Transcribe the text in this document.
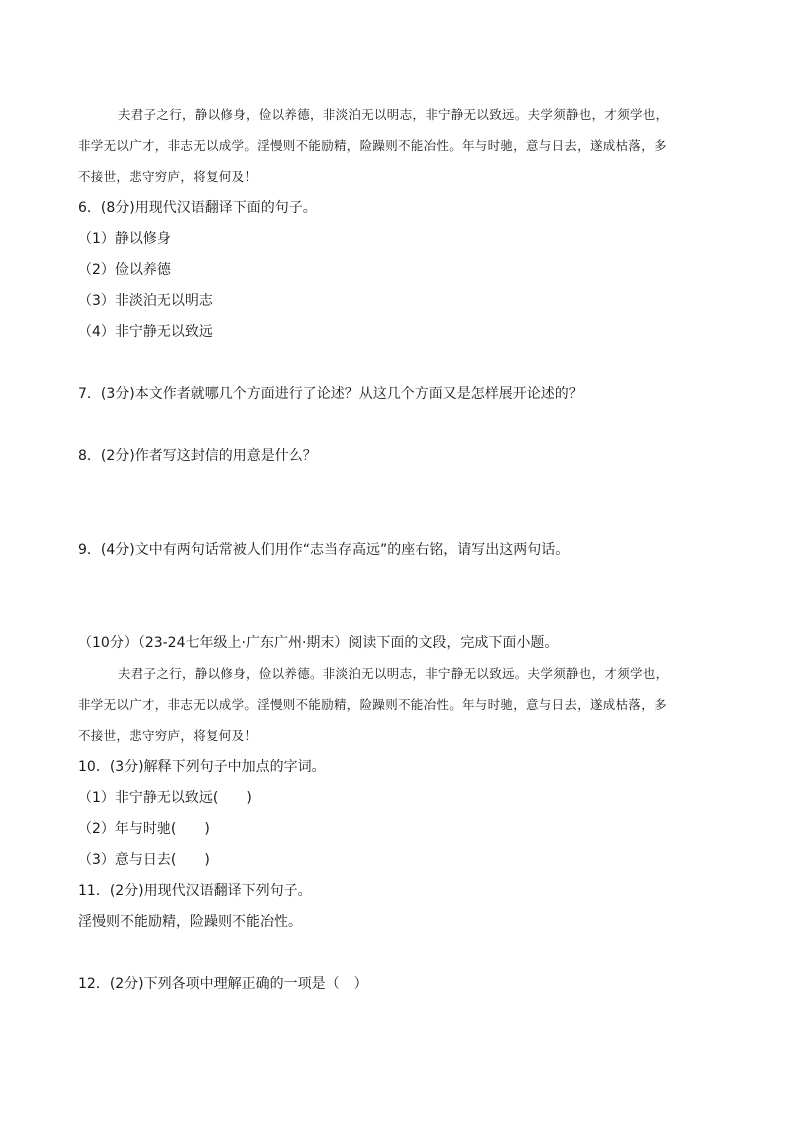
夫君子之行，静以修身，俭以养德，非淡泊无以明志，非宁静无以致远。夫学须静也，才须学也，
非学无以广才，非志无以成学。淫慢则不能励精，险躁则不能冶性。年与时驰，意与日去，遂成枯落，多
不接世，悲守穷庐，将复何及！
6．(8分)用现代汉语翻译下面的句子。
（1）静以修身
（2）俭以养德
（3）非淡泊无以明志
（4）非宁静无以致远
7．(3分)本文作者就哪几个方面进行了论述？从这几个方面又是怎样展开论述的？
8．(2分)作者写这封信的用意是什么？
9．(4分)文中有两句话常被人们用作“志当存高远”的座右铭，请写出这两句话。
（10分）（23-24七年级上·广东广州·期末）阅读下面的文段，完成下面小题。
夫君子之行，静以修身，俭以养德。非淡泊无以明志，非宁静无以致远。夫学须静也，才须学也，
非学无以广才，非志无以成学。淫慢则不能励精，险躁则不能冶性。年与时驰，意与日去，遂成枯落，多
不接世，悲守穷庐，将复何及！
10．(3分)解释下列句子中加点的字词。
（1）非宁静无以致远(　　)
（2）年与时驰(　　)
（3）意与日去(　　)
11．(2分)用现代汉语翻译下列句子。
淫慢则不能励精，险躁则不能冶性。
12．(2分)下列各项中理解正确的一项是（　）
